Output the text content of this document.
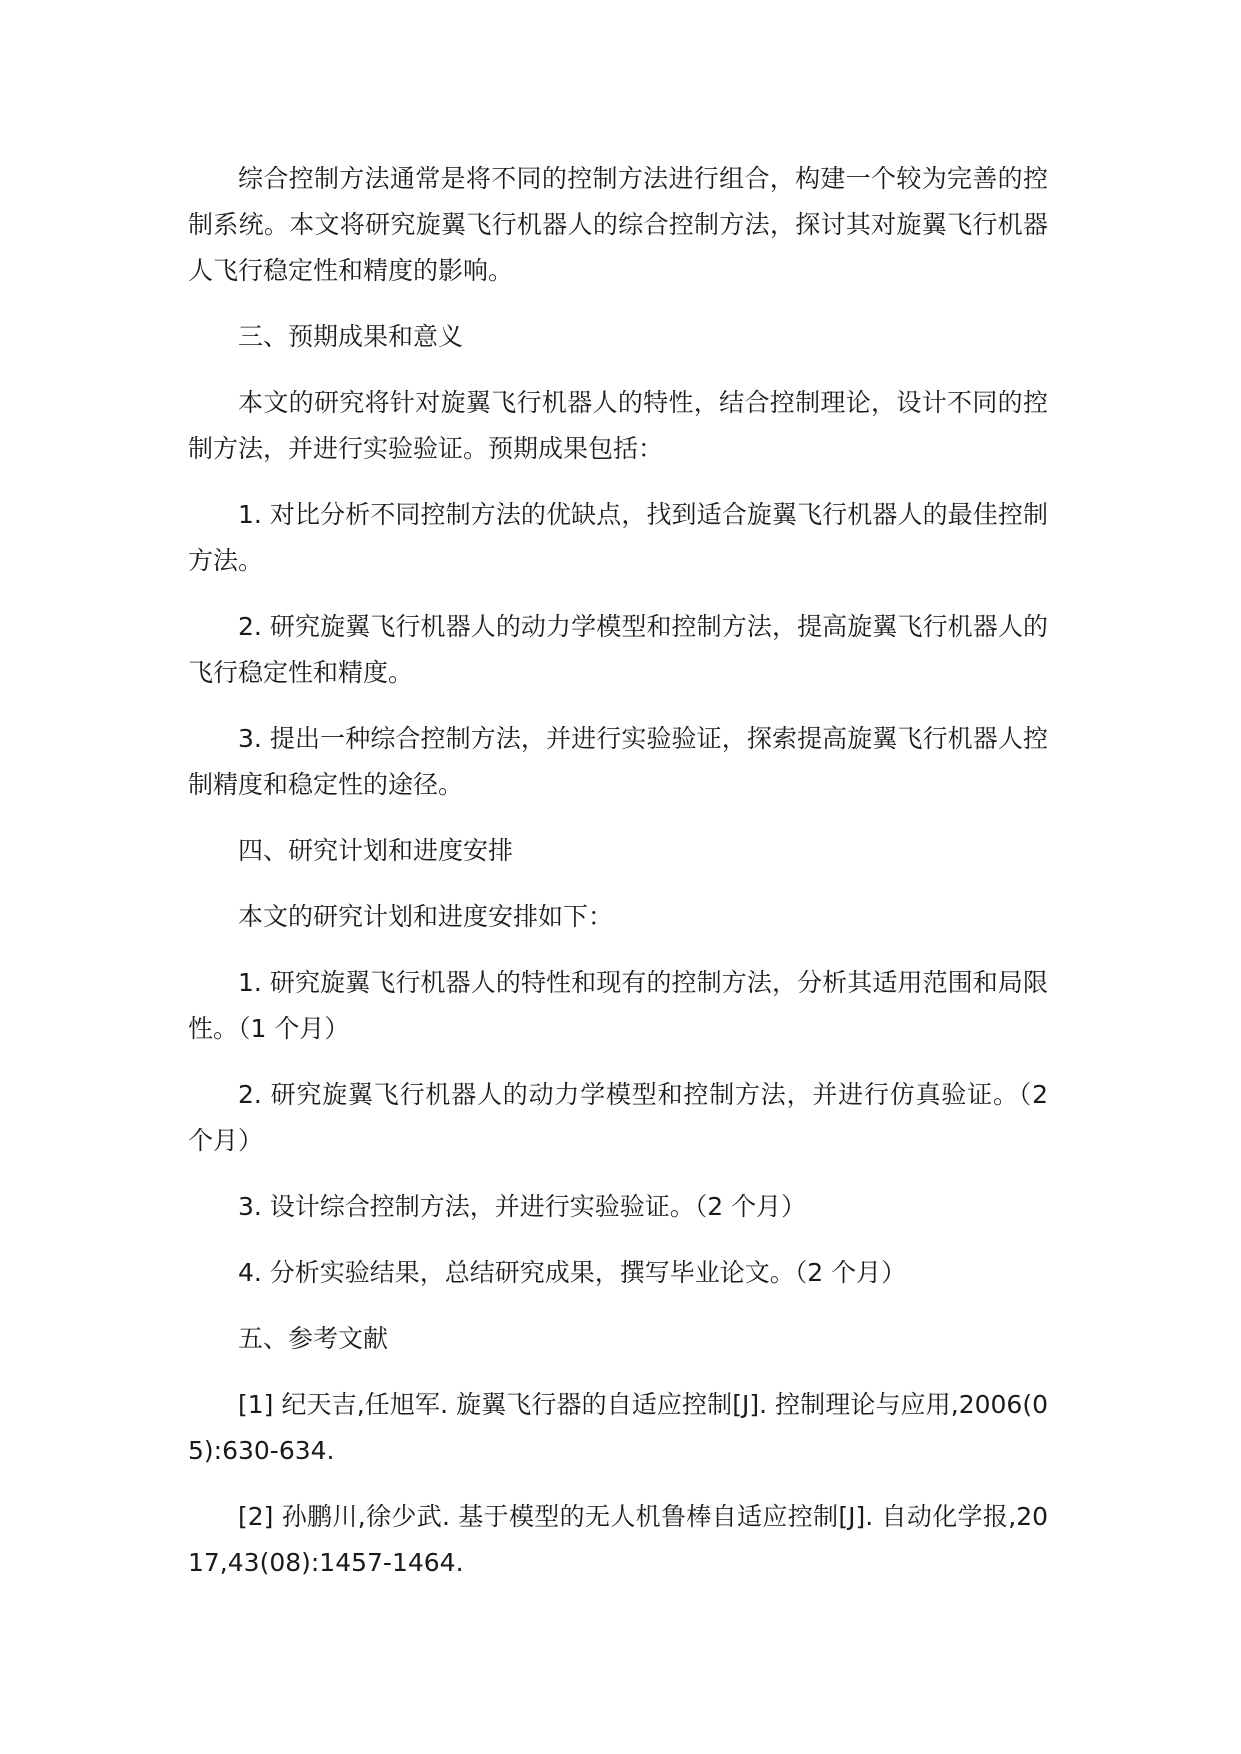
综合控制方法通常是将不同的控制方法进行组合，构建一个较为完善的控制系统。本文将研究旋翼飞行机器人的综合控制方法，探讨其对旋翼飞行机器人飞行稳定性和精度的影响。

三、预期成果和意义

本文的研究将针对旋翼飞行机器人的特性，结合控制理论，设计不同的控制方法，并进行实验验证。预期成果包括：

1. 对比分析不同控制方法的优缺点，找到适合旋翼飞行机器人的最佳控制方法。

2. 研究旋翼飞行机器人的动力学模型和控制方法，提高旋翼飞行机器人的飞行稳定性和精度。

3. 提出一种综合控制方法，并进行实验验证，探索提高旋翼飞行机器人控制精度和稳定性的途径。

四、研究计划和进度安排

本文的研究计划和进度安排如下：

1. 研究旋翼飞行机器人的特性和现有的控制方法，分析其适用范围和局限性。（1 个月）

2. 研究旋翼飞行机器人的动力学模型和控制方法，并进行仿真验证。（2 个月）

3. 设计综合控制方法，并进行实验验证。（2 个月）

4. 分析实验结果，总结研究成果，撰写毕业论文。（2 个月）

五、参考文献

[1] 纪天吉,任旭军. 旋翼飞行器的自适应控制[J]. 控制理论与应用,2006(05):630-634.

[2] 孙鹏川,徐少武. 基于模型的无人机鲁棒自适应控制[J]. 自动化学报,2017,43(08):1457-1464.
